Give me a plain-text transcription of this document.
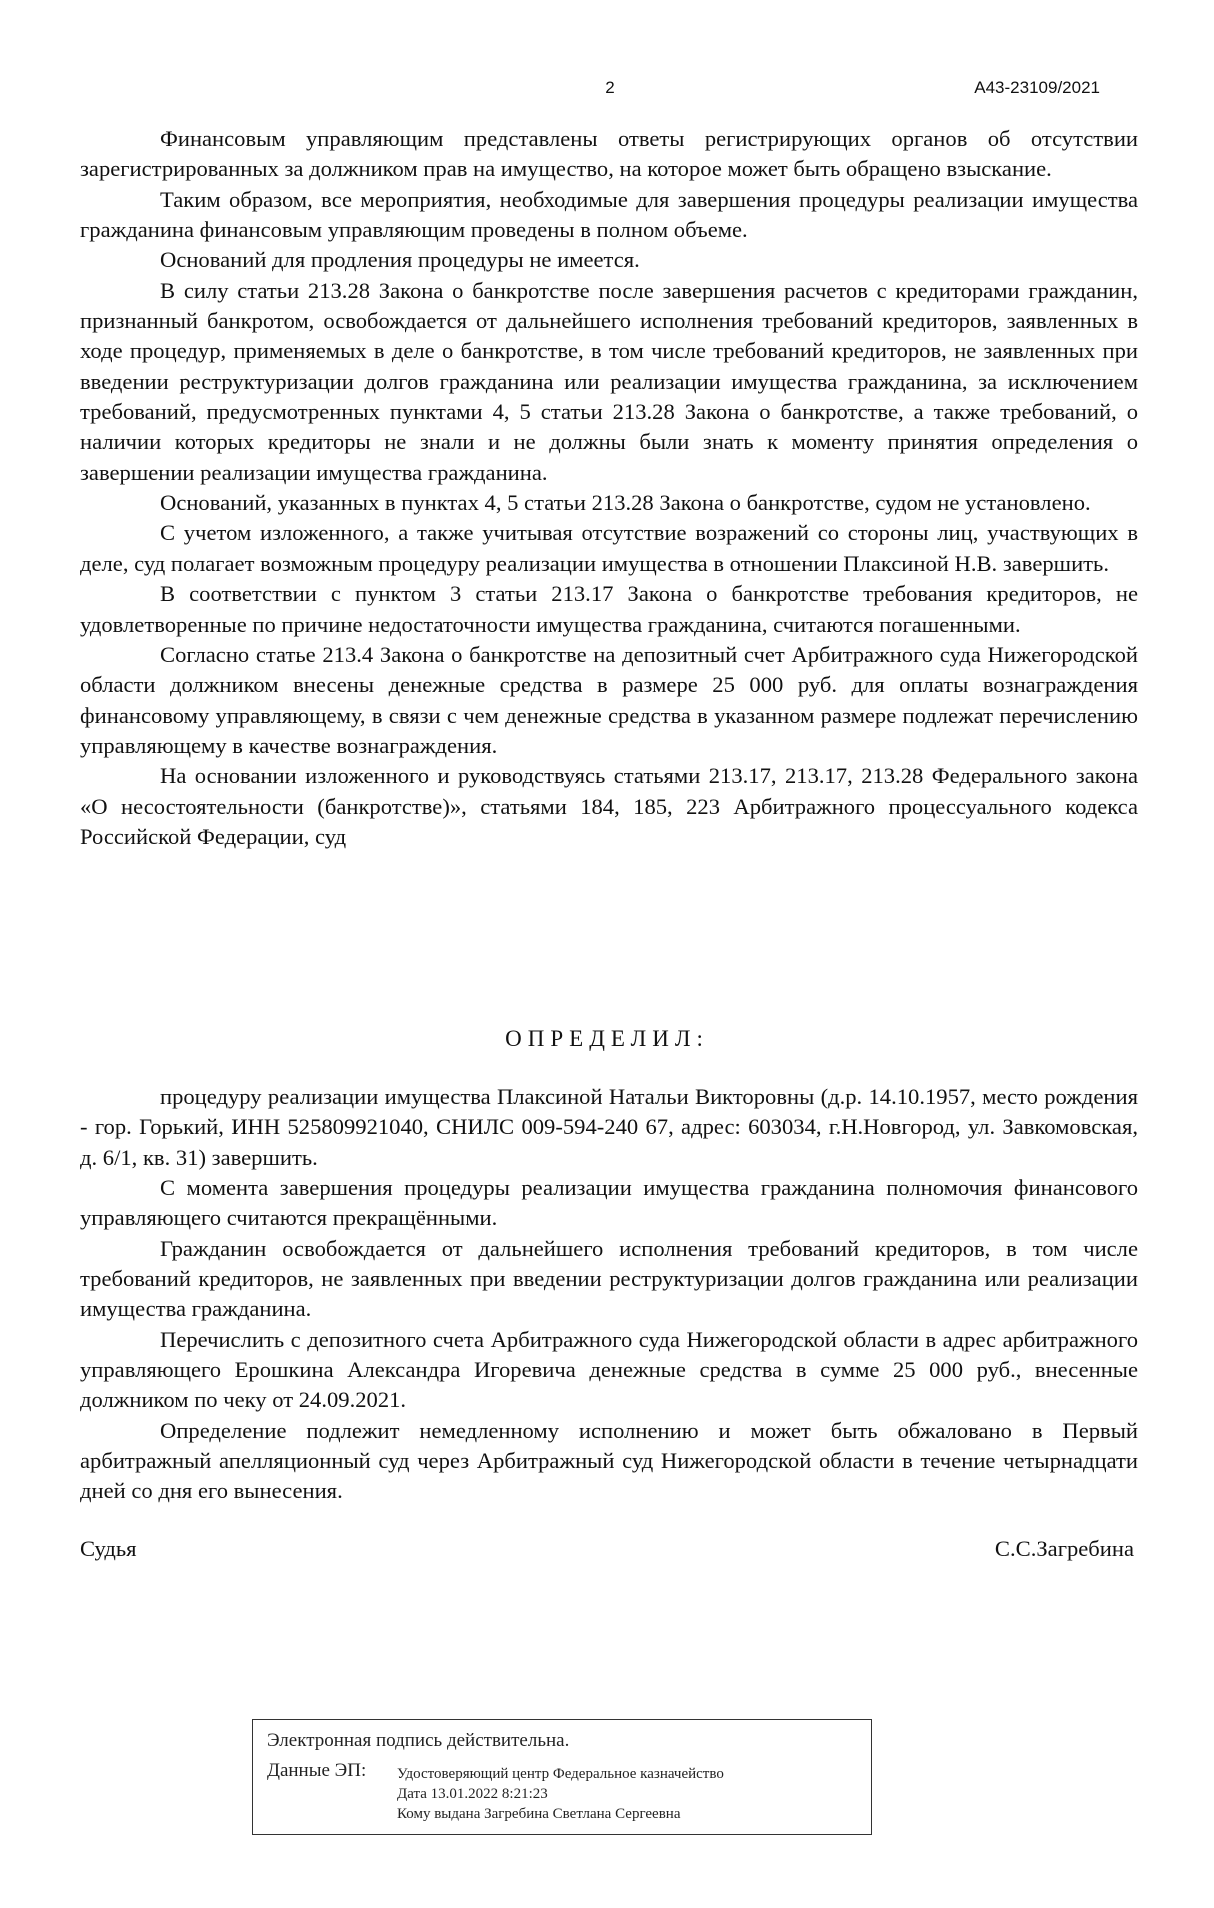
2	А43-23109/2021

Финансовым управляющим представлены ответы регистрирующих органов об отсутствии зарегистрированных за должником прав на имущество, на которое может быть обращено взыскание.

Таким образом, все мероприятия, необходимые для завершения процедуры реализации имущества гражданина финансовым управляющим проведены в полном объеме.

Оснований для продления процедуры не имеется.

В силу статьи 213.28 Закона о банкротстве после завершения расчетов с кредиторами гражданин, признанный банкротом, освобождается от дальнейшего исполнения требований кредиторов, заявленных в ходе процедур, применяемых в деле о банкротстве, в том числе требований кредиторов, не заявленных при введении реструктуризации долгов гражданина или реализации имущества гражданина, за исключением требований, предусмотренных пунктами 4, 5 статьи 213.28 Закона о банкротстве, а также требований, о наличии которых кредиторы не знали и не должны были знать к моменту принятия определения о завершении реализации имущества гражданина.

Оснований, указанных в пунктах 4, 5 статьи 213.28 Закона о банкротстве, судом не установлено.

С учетом изложенного, а также учитывая отсутствие возражений со стороны лиц, участвующих в деле, суд полагает возможным процедуру реализации имущества в отношении Плаксиной Н.В. завершить.

В соответствии с пунктом 3 статьи 213.17 Закона о банкротстве требования кредиторов, не удовлетворенные по причине недостаточности имущества гражданина, считаются погашенными.

Согласно статье 213.4 Закона о банкротстве на депозитный счет Арбитражного суда Нижегородской области должником внесены денежные средства в размере 25 000 руб. для оплаты вознаграждения финансовому управляющему, в связи с чем денежные средства в указанном размере подлежат перечислению управляющему в качестве вознаграждения.

На основании изложенного и руководствуясь статьями 213.17, 213.17, 213.28 Федерального закона «О несостоятельности (банкротстве)», статьями 184, 185, 223 Арбитражного процессуального кодекса Российской Федерации, суд

ОПРЕДЕЛИЛ:

процедуру реализации имущества Плаксиной Натальи Викторовны (д.р. 14.10.1957, место рождения - гор. Горький, ИНН 525809921040, СНИЛС 009-594-240 67, адрес: 603034, г.Н.Новгород, ул. Завкомовская, д. 6/1, кв. 31) завершить.

С момента завершения процедуры реализации имущества гражданина полномочия финансового управляющего считаются прекращёнными.

Гражданин освобождается от дальнейшего исполнения требований кредиторов, в том числе требований кредиторов, не заявленных при введении реструктуризации долгов гражданина или реализации имущества гражданина.

Перечислить с депозитного счета Арбитражного суда Нижегородской области в адрес арбитражного управляющего Ерошкина Александра Игоревича денежные средства в сумме 25 000 руб., внесенные должником по чеку от 24.09.2021.

Определение подлежит немедленному исполнению и может быть обжаловано в Первый арбитражный апелляционный суд через Арбитражный суд Нижегородской области в течение четырнадцати дней со дня его вынесения.

Судья	С.С.Загребина
Электронная подпись действительна.
Данные ЭП: Удостоверяющий центр Федеральное казначейство
Дата 13.01.2022 8:21:23
Кому выдана Загребина Светлана Сергеевна
